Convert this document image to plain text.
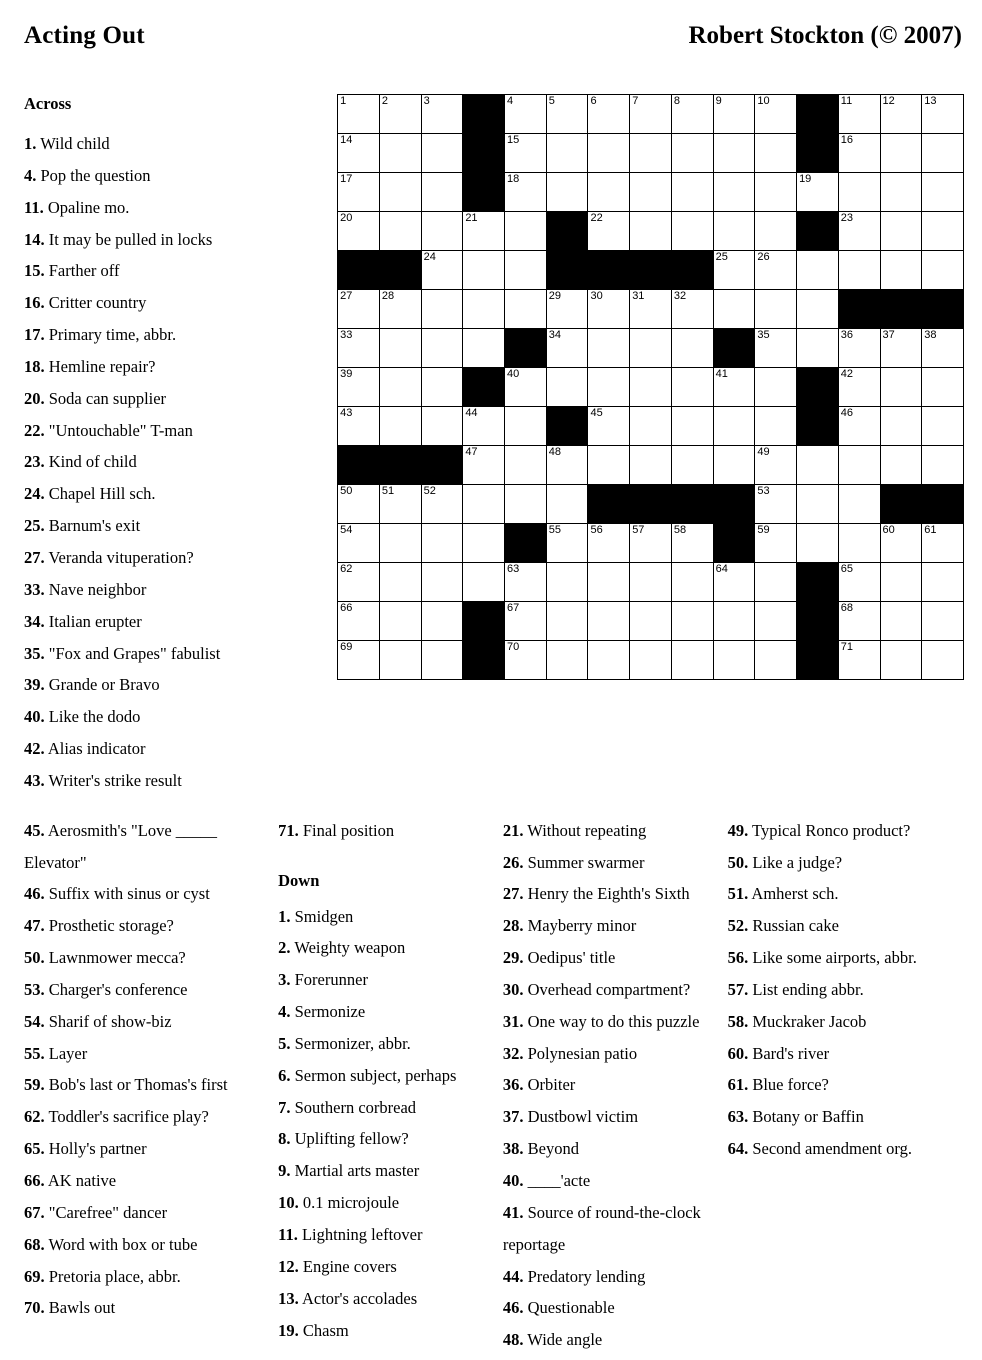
Acting Out	Robert Stockton (© 2007)
Across
1. Wild child
4. Pop the question
11. Opaline mo.
14. It may be pulled in locks
15. Farther off
16. Critter country
17. Primary time, abbr.
18. Hemline repair?
20. Soda can supplier
22. "Untouchable" T-man
23. Kind of child
24. Chapel Hill sch.
25. Barnum's exit
27. Veranda vituperation?
33. Nave neighbor
34. Italian erupter
35. "Fox and Grapes" fabulist
39. Grande or Bravo
40. Like the dodo
42. Alias indicator
43. Writer's strike result
1	2	3		4	5	6	7	8	9	10		11	12	13

14				15								16		

17				18							19			

20			21			22						23		

		24							25	26				

27	28				29	30	31	32						

33					34					35		36	37	38

39				40					41			42		

43			44			45						46		

			47		48					49				

50	51	52								53				

54					55	56	57	58		59			60	61

62				63					64			65		

66				67								68		

69				70								71		

45. Aerosmith's "Love _____ Elevator"
46. Suffix with sinus or cyst
47. Prosthetic storage?
50. Lawnmower mecca?
53. Charger's conference
54. Sharif of show-biz
55. Layer
59. Bob's last or Thomas's first
62. Toddler's sacrifice play?
65. Holly's partner
66. AK native
67. "Carefree" dancer
68. Word with box or tube
69. Pretoria place, abbr.
70. Bawls out
71. Final position
Down
1. Smidgen
2. Weighty weapon
3. Forerunner
4. Sermonize
5. Sermonizer, abbr.
6. Sermon subject, perhaps
7. Southern corbread
8. Uplifting fellow?
9. Martial arts master
10. 0.1 microjoule
11. Lightning leftover
12. Engine covers
13. Actor's accolades
19. Chasm
21. Without repeating
26. Summer swarmer
27. Henry the Eighth's Sixth
28. Mayberry minor
29. Oedipus' title
30. Overhead compartment?
31. One way to do this puzzle
32. Polynesian patio
36. Orbiter
37. Dustbowl victim
38. Beyond
40. ____'acte
41. Source of round-the-clock reportage
44. Predatory lending
46. Questionable
48. Wide angle
49. Typical Ronco product?
50. Like a judge?
51. Amherst sch.
52. Russian cake
56. Like some airports, abbr.
57. List ending abbr.
58. Muckraker Jacob
60. Bard's river
61. Blue force?
63. Botany or Baffin
64. Second amendment org.
